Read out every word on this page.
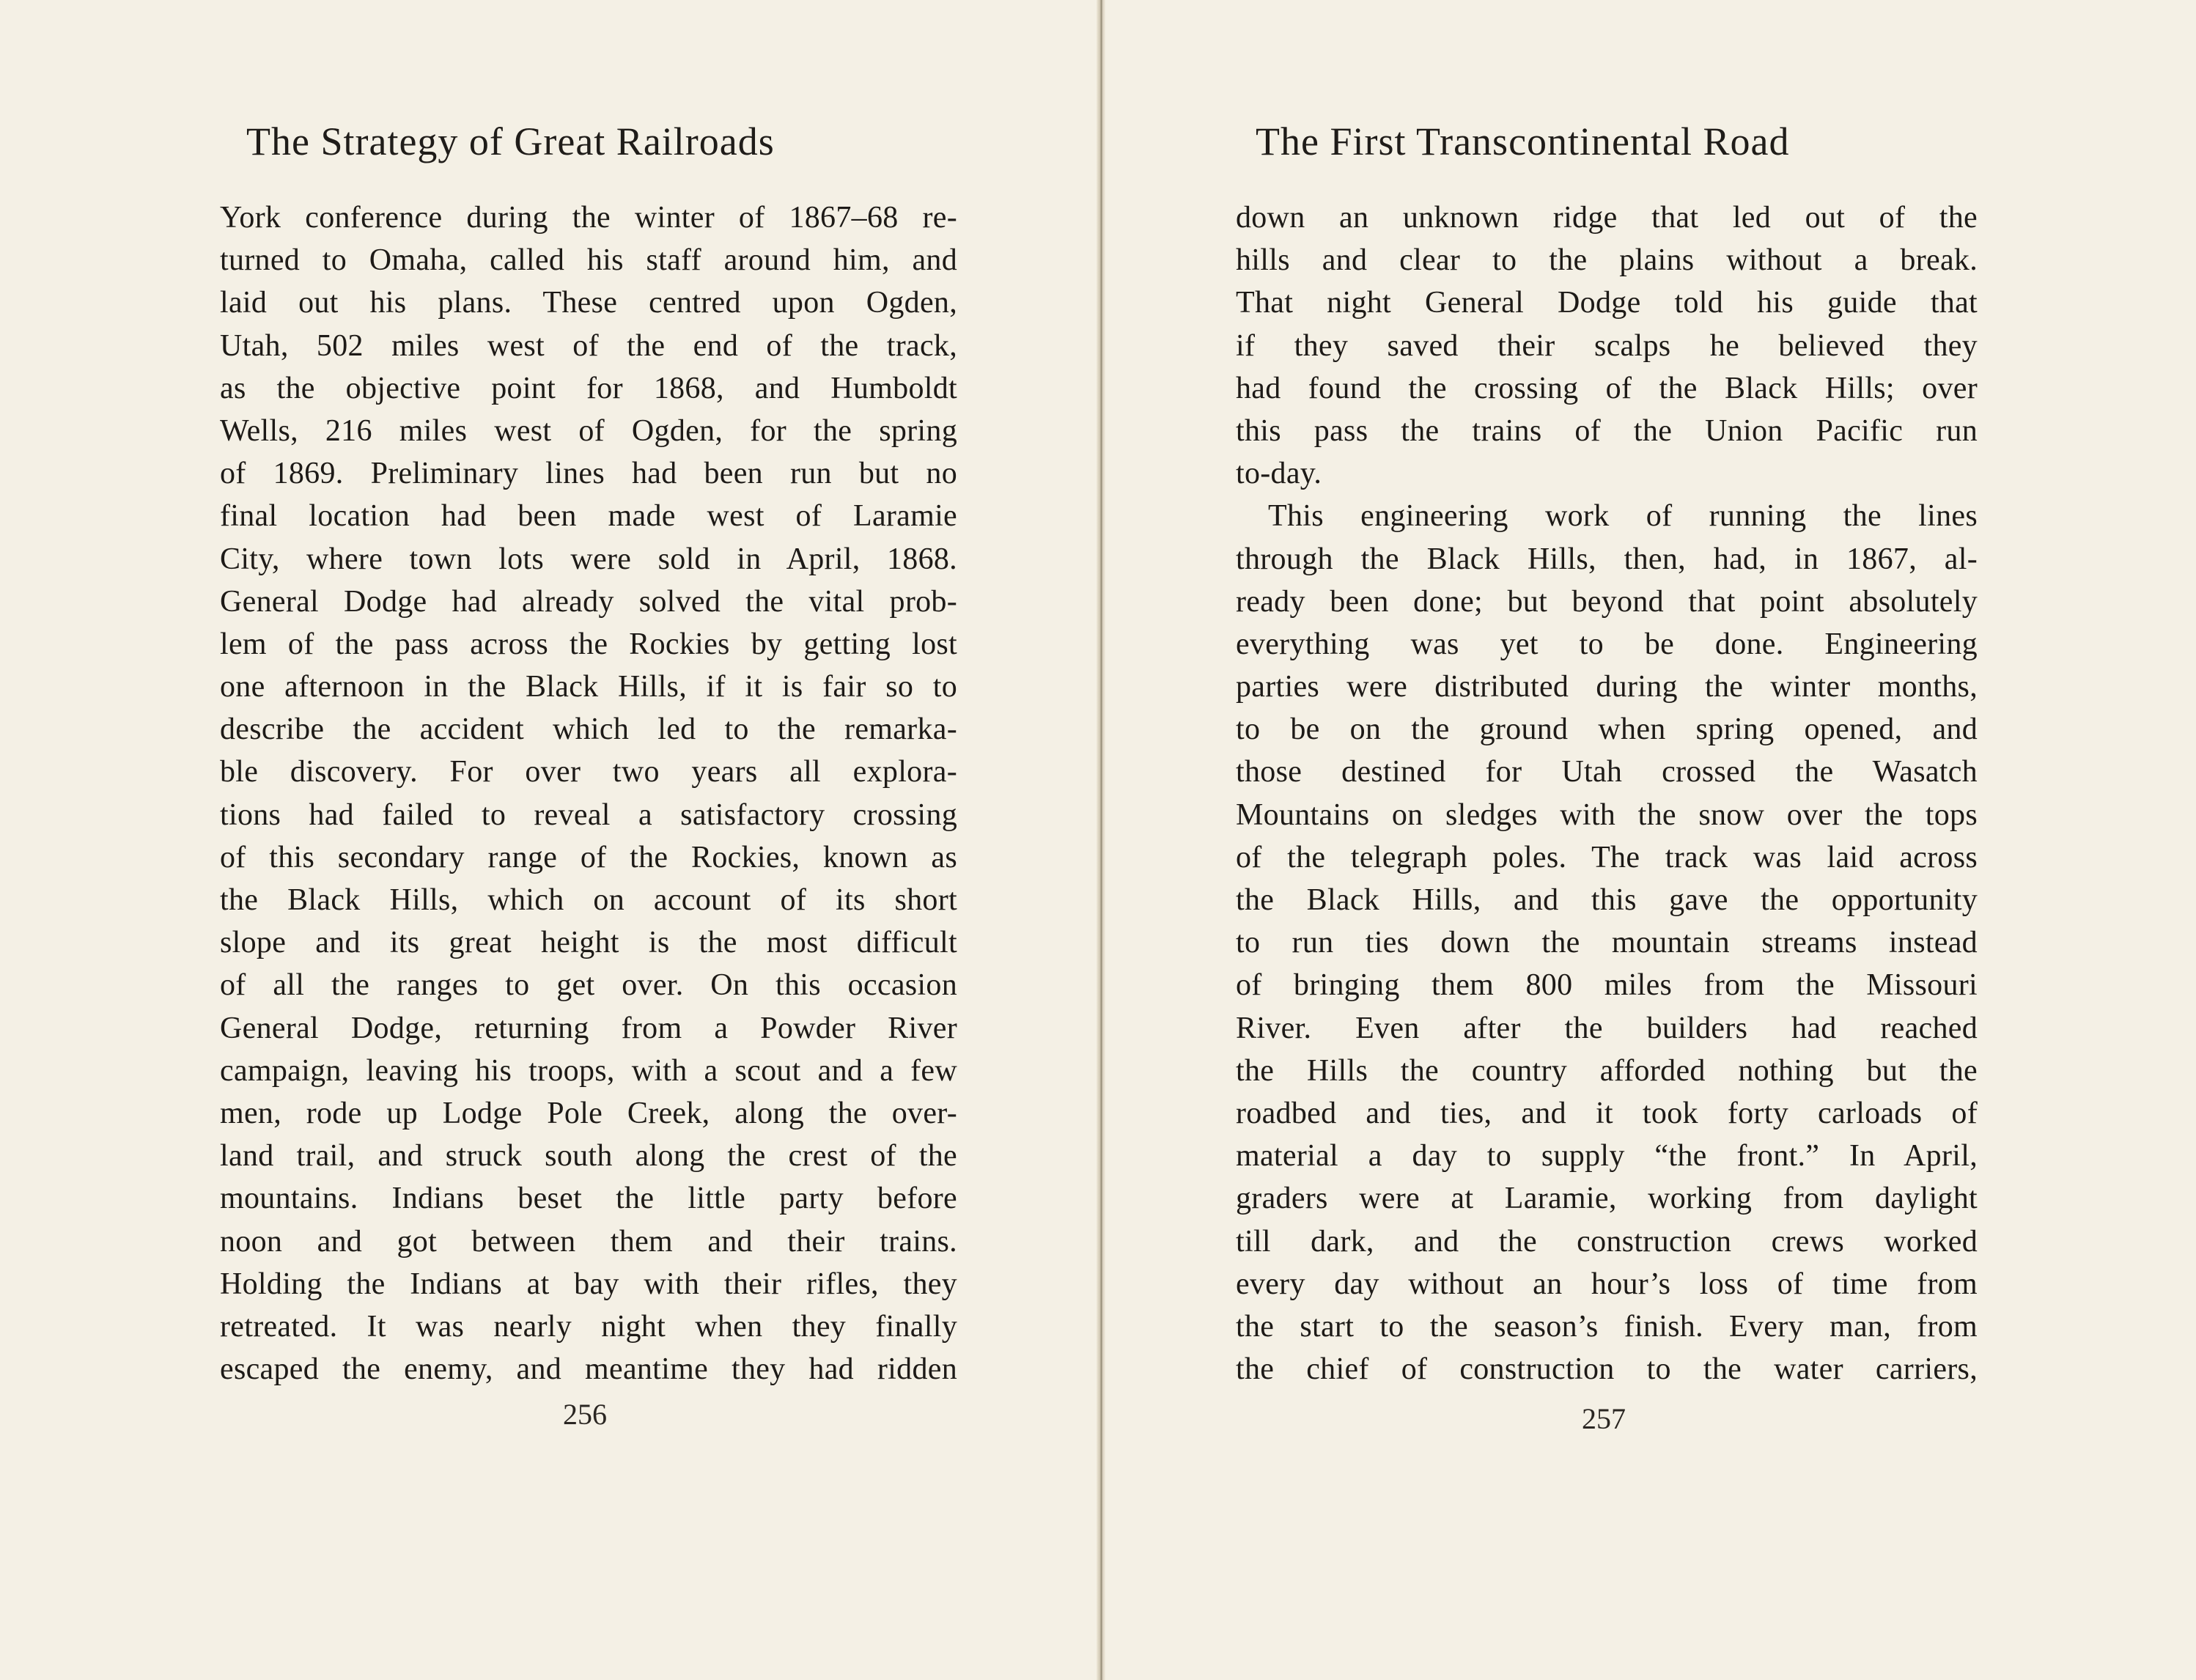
The Strategy of Great Railroads
York conference during the winter of 1867–68 re-
turned to Omaha, called his staff around him, and
laid out his plans. These centred upon Ogden,
Utah, 502 miles west of the end of the track,
as the objective point for 1868, and Humboldt
Wells, 216 miles west of Ogden, for the spring
of 1869. Preliminary lines had been run but no
final location had been made west of Laramie
City, where town lots were sold in April, 1868.
General Dodge had already solved the vital prob-
lem of the pass across the Rockies by getting lost
one afternoon in the Black Hills, if it is fair so to
describe the accident which led to the remarka-
ble discovery. For over two years all explora-
tions had failed to reveal a satisfactory crossing
of this secondary range of the Rockies, known as
the Black Hills, which on account of its short
slope and its great height is the most difficult
of all the ranges to get over. On this occasion
General Dodge, returning from a Powder River
campaign, leaving his troops, with a scout and a few
men, rode up Lodge Pole Creek, along the over-
land trail, and struck south along the crest of the
mountains. Indians beset the little party before
noon and got between them and their trains.
Holding the Indians at bay with their rifles, they
retreated. It was nearly night when they finally
escaped the enemy, and meantime they had ridden
256
The First Transcontinental Road
down an unknown ridge that led out of the
hills and clear to the plains without a break.
That night General Dodge told his guide that
if they saved their scalps he believed they
had found the crossing of the Black Hills; over
this pass the trains of the Union Pacific run
to-day.
This engineering work of running the lines
through the Black Hills, then, had, in 1867, al-
ready been done; but beyond that point absolutely
everything was yet to be done. Engineering
parties were distributed during the winter months,
to be on the ground when spring opened, and
those destined for Utah crossed the Wasatch
Mountains on sledges with the snow over the tops
of the telegraph poles. The track was laid across
the Black Hills, and this gave the opportunity
to run ties down the mountain streams instead
of bringing them 800 miles from the Missouri
River. Even after the builders had reached
the Hills the country afforded nothing but the
roadbed and ties, and it took forty carloads of
material a day to supply “the front.” In April,
graders were at Laramie, working from daylight
till dark, and the construction crews worked
every day without an hour’s loss of time from
the start to the season’s finish. Every man, from
the chief of construction to the water carriers,
257
